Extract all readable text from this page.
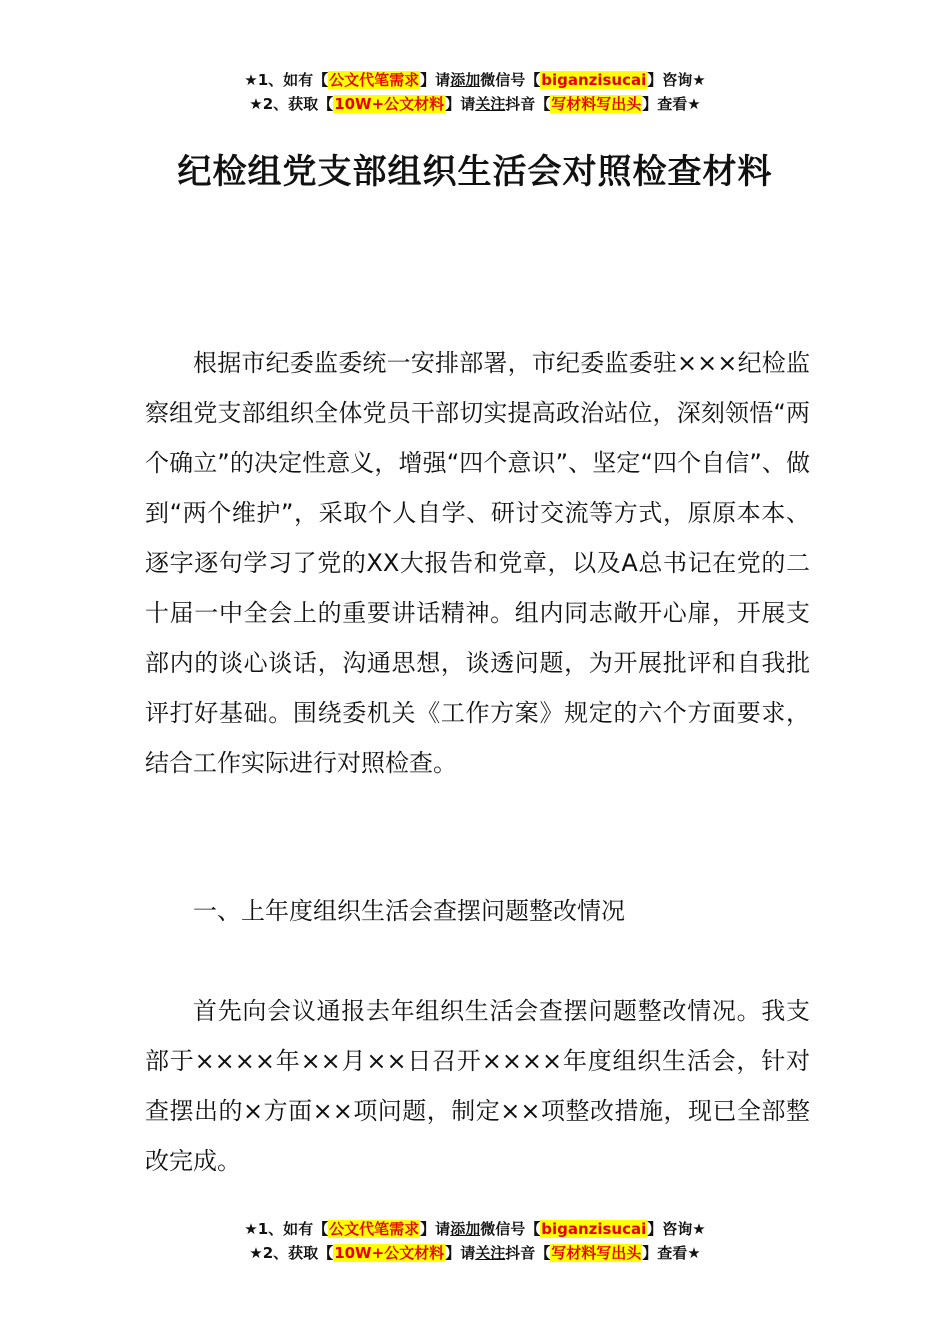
★1、如有【公文代笔需求】请添加微信号【biganzisucai】咨询★
★2、获取【10W+公文材料】请关注抖音【写材料写出头】查看★
纪检组党支部组织生活会对照检查材料

根据市纪委监委统一安排部署，市纪委监委驻×××纪检监察组党支部组织全体党员干部切实提高政治站位，深刻领悟“两个确立”的决定性意义，增强“四个意识”、坚定“四个自信”、做到“两个维护”，采取个人自学、研讨交流等方式，原原本本、逐字逐句学习了党的XX大报告和党章，以及A总书记在党的二十届一中全会上的重要讲话精神。组内同志敞开心扉，开展支部内的谈心谈话，沟通思想，谈透问题，为开展批评和自我批评打好基础。围绕委机关《工作方案》规定的六个方面要求，结合工作实际进行对照检查。

一、上年度组织生活会查摆问题整改情况

首先向会议通报去年组织生活会查摆问题整改情况。我支部于××××年××月××日召开××××年度组织生活会，针对查摆出的×方面××项问题，制定××项整改措施，现已全部整改完成。

★1、如有【公文代笔需求】请添加微信号【biganzisucai】咨询★
★2、获取【10W+公文材料】请关注抖音【写材料写出头】查看★
